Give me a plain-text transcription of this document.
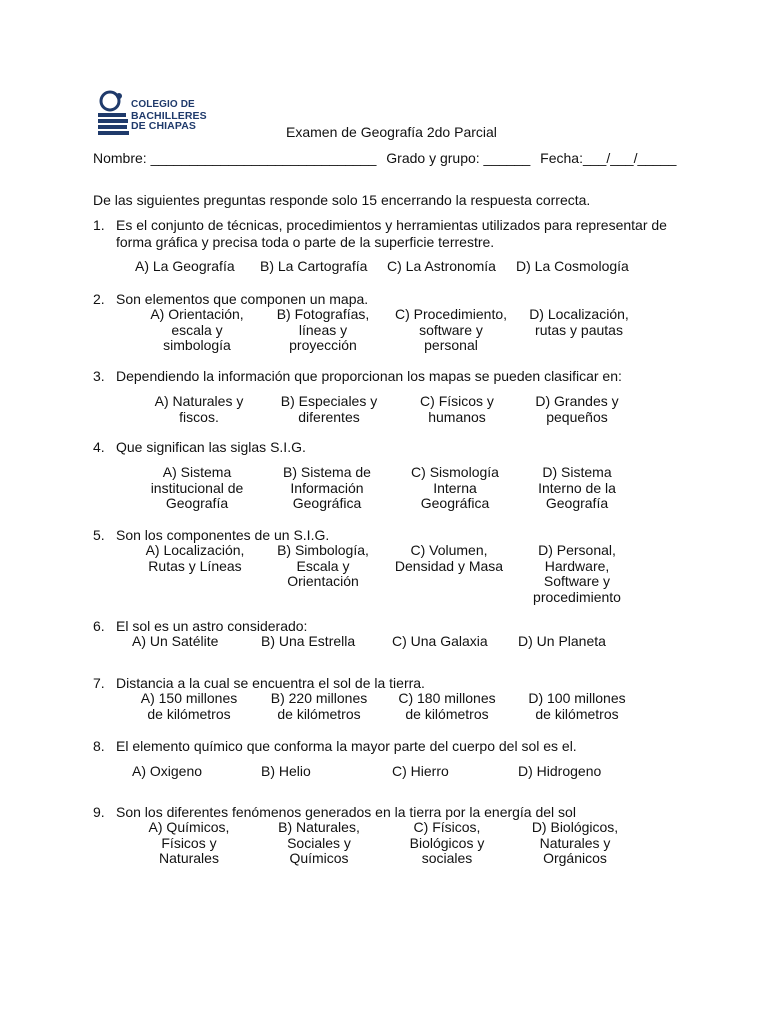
COLEGIO DE
BACHILLERES
DE CHIAPAS	Examen de Geografía 2do Parcial
Nombre: _____________________________ Grado y grupo: ______ Fecha:___/___/_____
De las siguientes preguntas responde solo 15 encerrando la respuesta correcta.
1. Es el conjunto de técnicas, procedimientos y herramientas utilizados para representar de forma gráfica y precisa toda o parte de la superficie terrestre.
A) La Geografía B) La Cartografía C) La Astronomía D) La Cosmología
2. Son elementos que componen un mapa.
A) Orientación,
escala y
simbología
B) Fotografías,
líneas y
proyección
C) Procedimiento,
software y
personal
D) Localización,
rutas y pautas
3. Dependiendo la información que proporcionan los mapas se pueden clasificar en:
A) Naturales y
fiscos.
B) Especiales y
diferentes
C) Físicos y
humanos
D) Grandes y
pequeños
4. Que significan las siglas S.I.G.
A) Sistema
institucional de
Geografía
B) Sistema de
Información
Geográfica
C) Sismología
Interna
Geográfica
D) Sistema
Interno de la
Geografía
5. Son los componentes de un S.I.G.
A) Localización,
Rutas y Líneas
B) Simbología,
Escala y
Orientación
C) Volumen,
Densidad y Masa
D) Personal,
Hardware,
Software y
procedimiento
6. El sol es un astro considerado:
A) Un Satélite	B) Una Estrella	C) Una Galaxia D) Un Planeta
7. Distancia a la cual se encuentra el sol de la tierra.
A) 150 millones
de kilómetros
B) 220 millones
de kilómetros
C) 180 millones
de kilómetros
D) 100 millones
de kilómetros
8. El elemento químico que conforma la mayor parte del cuerpo del sol es el.
A) Oxigeno	B) Helio	C) Hierro	D) Hidrogeno
9. Son los diferentes fenómenos generados en la tierra por la energía del sol
A) Químicos,
Físicos y
Naturales
B) Naturales,
Sociales y
Químicos
C) Físicos,
Biológicos y
sociales
D) Biológicos,
Naturales y
Orgánicos
